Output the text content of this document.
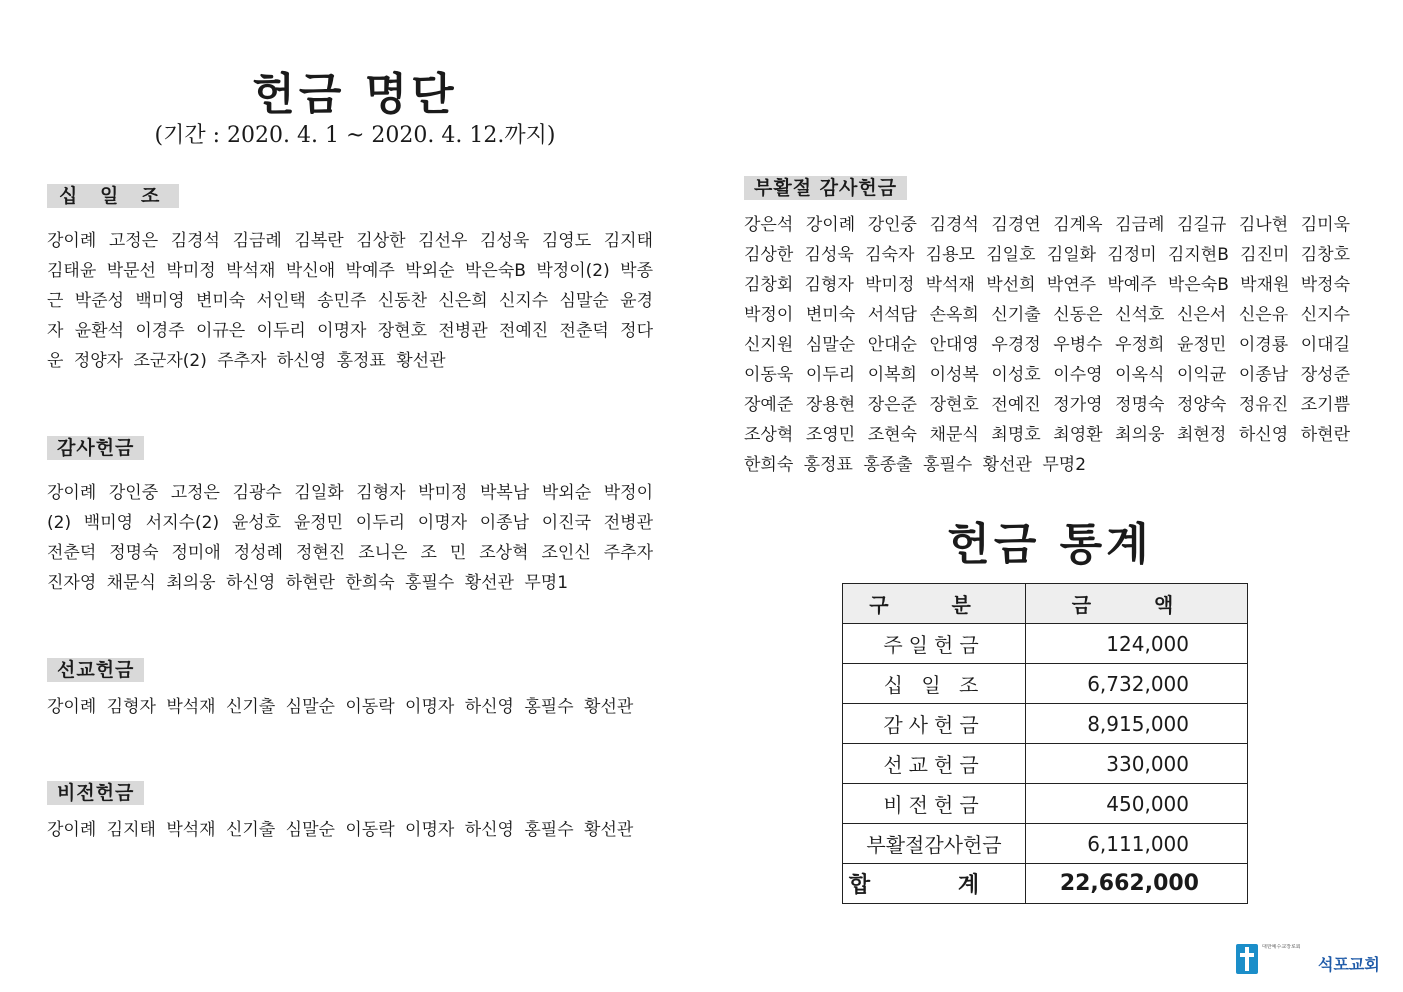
헌금 명단
(기간 : 2020. 4. 1 ~ 2020. 4. 12.까지)
십 일 조
강이례 고정은 김경석 김금례 김복란 김상한 김선우 김성욱 김영도 김지태 김태윤 박문선 박미정 박석재 박신애 박예주 박외순 박은숙B 박정이(2) 박종근 박준성 백미영 변미숙 서인택 송민주 신동찬 신은희 신지수 심말순 윤경자 윤환석 이경주 이규은 이두리 이명자 장현호 전병관 전예진 전춘덕 정다운 정양자 조군자(2) 주추자 하신영 홍정표 황선관
감사헌금
강이례 강인중 고정은 김광수 김일화 김형자 박미정 박복남 박외순 박정이(2) 백미영 서지수(2) 윤성호 윤정민 이두리 이명자 이종남 이진국 전병관 전춘덕 정명숙 정미애 정성례 정현진 조니은 조 민 조상혁 조인신 주추자 진자영 채문식 최의웅 하신영 하현란 한희숙 홍필수 황선관 무명1
선교헌금
강이례 김형자 박석재 신기출 심말순 이동락 이명자 하신영 홍필수 황선관
비전헌금
강이례 김지태 박석재 신기출 심말순 이동락 이명자 하신영 홍필수 황선관
부활절 감사헌금
강은석 강이례 강인중 김경석 김경연 김계옥 김금례 김길규 김나현 김미욱 김상한 김성욱 김숙자 김용모 김일호 김일화 김정미 김지현B 김진미 김창호 김창회 김형자 박미정 박석재 박선희 박연주 박예주 박은숙B 박재원 박정숙 박정이 변미숙 서석담 손옥희 신기출 신동은 신석호 신은서 신은유 신지수 신지원 심말순 안대순 안대영 우경정 우병수 우정희 윤정민 이경룡 이대길 이동욱 이두리 이복희 이성복 이성호 이수영 이옥식 이익균 이종남 장성준 장예준 장용현 장은준 장현호 전예진 정가영 정명숙 정양숙 정유진 조기쁨 조상혁 조영민 조현숙 채문식 최명호 최영환 최의웅 최현정 하신영 하현란 한희숙 홍정표 홍종출 홍필수 황선관 무명2
헌금 통계
구 분	금 액
주일헌금	124,000
십 일 조	6,732,000
감사헌금	8,915,000
선교헌금	330,000
비전헌금	450,000
부활절감사헌금	6,111,000
합 계	22,662,000
대한예수교장로회
석포교회
